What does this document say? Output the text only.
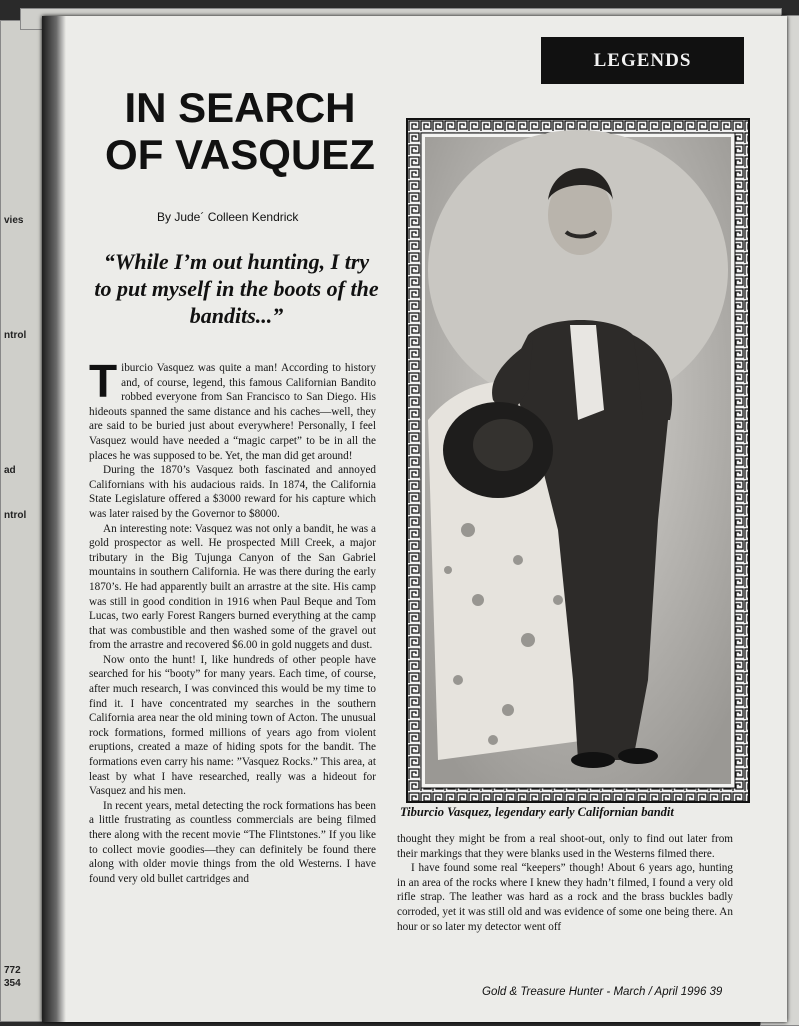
vies
ntrol
ntrol
ad
772
354
LEGENDS
IN SEARCH OF VASQUEZ
By Jude´ Colleen Kendrick
“While I’m out hunting, I try to put myself in the boots of the bandits...”

Tiburcio Vasquez was quite a man! According to history and, of course, legend, this famous Californian Bandito robbed everyone from San Francisco to San Diego. His hideouts spanned the same distance and his caches—well, they are said to be buried just about everywhere! Personally, I feel Vasquez would have needed a “magic carpet” to be in all the places he was supposed to be. Yet, the man did get around!

During the 1870’s Vasquez both fascinated and annoyed Californians with his audacious raids. In 1874, the California State Legislature offered a $3000 reward for his capture which was later raised by the Governor to $8000.

An interesting note: Vasquez was not only a bandit, he was a gold prospector as well. He prospected Mill Creek, a major tributary in the Big Tujunga Canyon of the San Gabriel mountains in southern California. He was there during the early 1870’s. He had apparently built an arrastre at the site. His camp was still in good condition in 1916 when Paul Beque and Tom Lucas, two early Forest Rangers burned everything at the camp that was combustible and then washed some of the gravel out from the arrastre and recovered $6.00 in gold nuggets and dust.

Now onto the hunt! I, like hundreds of other people have searched for his “booty” for many years. Each time, of course, after much research, I was convinced this would be my time to find it. I have concentrated my searches in the southern California area near the old mining town of Acton. The unusual rock formations, formed millions of years ago from violent eruptions, created a maze of hiding spots for the bandit. The formations even carry his name: ”Vasquez Rocks.” This area, at least by what I have researched, really was a hideout for Vasquez and his men.

In recent years, metal detecting the rock formations has been a little frustrating as countless commercials are being filmed there along with the recent movie “The Flintstones.” If you like to collect movie goodies—they can definitely be found there along with older movie things from the old Westerns. I have found very old bullet cartridges and

Tiburcio Vasquez, legendary early Californian bandit

thought they might be from a real shoot-out, only to find out later from their markings that they were blanks used in the Westerns filmed there.

I have found some real “keepers” though! About 6 years ago, hunting in an area of the rocks where I knew they hadn’t filmed, I found a very old rifle strap. The leather was hard as a rock and the brass buckles badly corroded, yet it was still old and was evidence of some one being there. An hour or so later my detector went off

Gold & Treasure Hunter - March / April 1996 39
